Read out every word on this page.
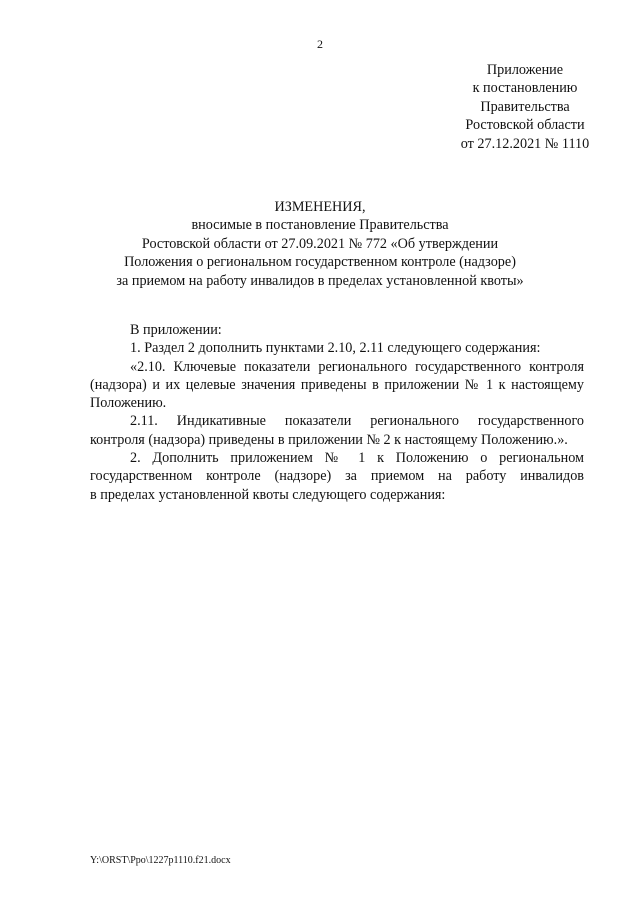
2
Приложение
к постановлению
Правительства
Ростовской области
от 27.12.2021 № 1110
ИЗМЕНЕНИЯ,
вносимые в постановление Правительства
Ростовской области от 27.09.2021 № 772 «Об утверждении
Положения о региональном государственном контроле (надзоре)
за приемом на работу инвалидов в пределах установленной квоты»
В приложении:
1. Раздел 2 дополнить пунктами 2.10, 2.11 следующего содержания:
«2.10. Ключевые показатели регионального государственного контроля
(надзора) и их целевые значения приведены в приложении № 1 к настоящему
Положению.
2.11. Индикативные показатели регионального государственного
контроля (надзора) приведены в приложении № 2 к настоящему Положению.».
2. Дополнить приложением № 1 к Положению о региональном
государственном контроле (надзоре) за приемом на работу инвалидов
в пределах установленной квоты следующего содержания:
Y:\ORST\Ppo\1227p1110.f21.docx
